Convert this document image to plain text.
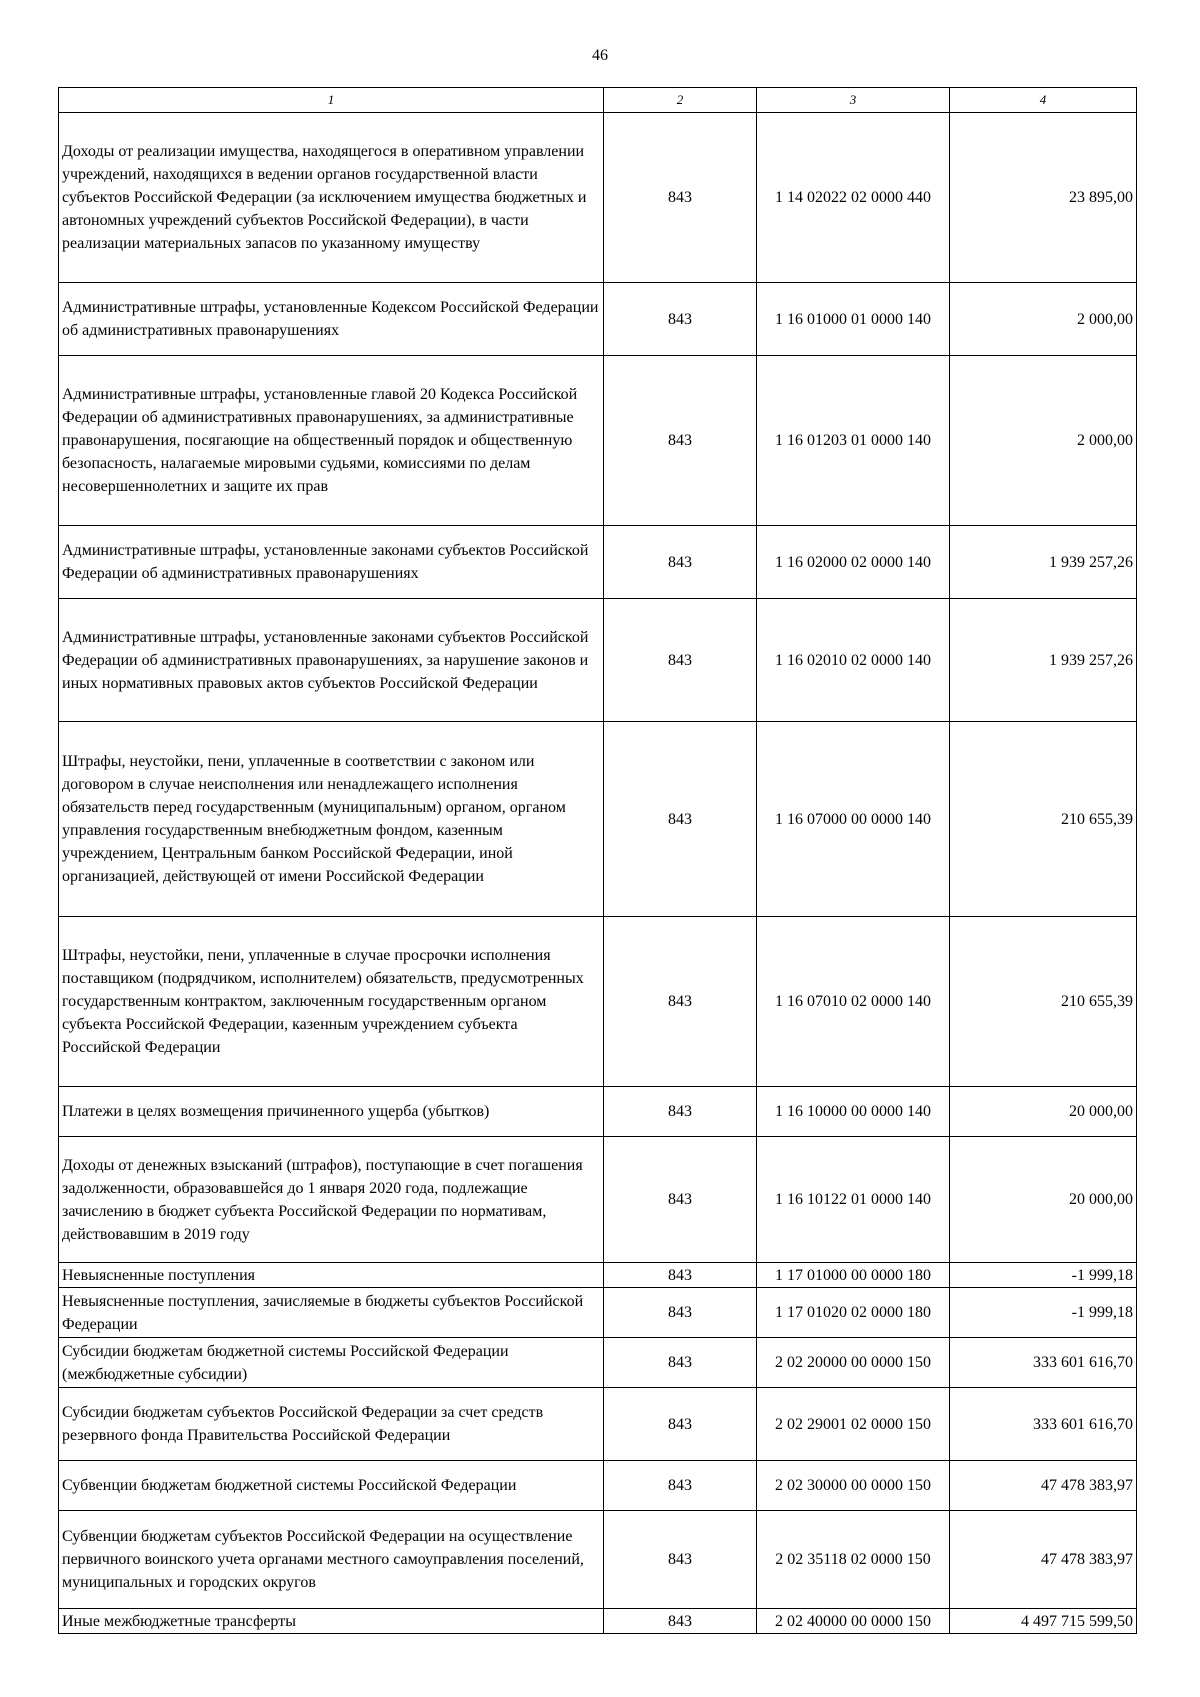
46
1	2	3	4
Доходы от реализации имущества, находящегося в оперативном управлении учреждений, находящихся в ведении органов государственной власти субъектов Российской Федерации (за исключением имущества бюджетных и автономных учреждений субъектов Российской Федерации), в части реализации материальных запасов по указанному имуществу	843	1 14 02022 02 0000 440	23 895,00
Административные штрафы, установленные Кодексом Российской Федерации об административных правонарушениях	843	1 16 01000 01 0000 140	2 000,00
Административные штрафы, установленные главой 20 Кодекса Российской Федерации об административных правонарушениях, за административные правонарушения, посягающие на общественный порядок и общественную безопасность, налагаемые мировыми судьями, комиссиями по делам несовершеннолетних и защите их прав	843	1 16 01203 01 0000 140	2 000,00
Административные штрафы, установленные законами субъектов Российской Федерации об административных правонарушениях	843	1 16 02000 02 0000 140	1 939 257,26
Административные штрафы, установленные законами субъектов Российской Федерации об административных правонарушениях, за нарушение законов и иных нормативных правовых актов субъектов Российской Федерации	843	1 16 02010 02 0000 140	1 939 257,26
Штрафы, неустойки, пени, уплаченные в соответствии с законом или договором в случае неисполнения или ненадлежащего исполнения обязательств перед государственным (муниципальным) органом, органом управления государственным внебюджетным фондом, казенным учреждением, Центральным банком Российской Федерации, иной организацией, действующей от имени Российской Федерации	843	1 16 07000 00 0000 140	210 655,39
Штрафы, неустойки, пени, уплаченные в случае просрочки исполнения поставщиком (подрядчиком, исполнителем) обязательств, предусмотренных государственным контрактом, заключенным государственным органом субъекта Российской Федерации, казенным учреждением субъекта Российской Федерации	843	1 16 07010 02 0000 140	210 655,39
Платежи в целях возмещения причиненного ущерба (убытков)	843	1 16 10000 00 0000 140	20 000,00
Доходы от денежных взысканий (штрафов), поступающие в счет погашения задолженности, образовавшейся до 1 января 2020 года, подлежащие зачислению в бюджет субъекта Российской Федерации по нормативам, действовавшим в 2019 году	843	1 16 10122 01 0000 140	20 000,00
Невыясненные поступления	843	1 17 01000 00 0000 180	-1 999,18
Невыясненные поступления, зачисляемые в бюджеты субъектов Российской Федерации	843	1 17 01020 02 0000 180	-1 999,18
Субсидии бюджетам бюджетной системы Российской Федерации (межбюджетные субсидии)	843	2 02 20000 00 0000 150	333 601 616,70
Субсидии бюджетам субъектов Российской Федерации за счет средств резервного фонда Правительства Российской Федерации	843	2 02 29001 02 0000 150	333 601 616,70
Субвенции бюджетам бюджетной системы Российской Федерации	843	2 02 30000 00 0000 150	47 478 383,97
Субвенции бюджетам субъектов Российской Федерации на осуществление первичного воинского учета органами местного самоуправления поселений, муниципальных и городских округов	843	2 02 35118 02 0000 150	47 478 383,97
Иные межбюджетные трансферты	843	2 02 40000 00 0000 150	4 497 715 599,50
